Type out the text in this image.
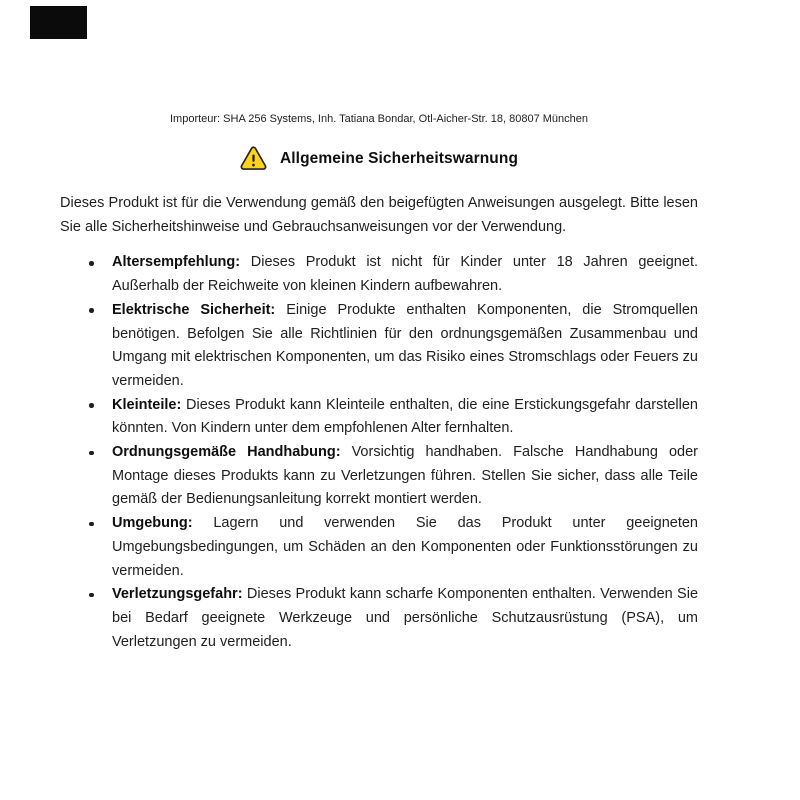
Importeur: SHA 256 Systems, Inh. Tatiana Bondar, Otl-Aicher-Str. 18, 80807 München
Allgemeine Sicherheitswarnung

Dieses Produkt ist für die Verwendung gemäß den beigefügten Anweisungen ausgelegt. Bitte lesen Sie alle Sicherheitshinweise und Gebrauchsanweisungen vor der Verwendung.

Altersempfehlung: Dieses Produkt ist nicht für Kinder unter 18 Jahren geeignet. Außerhalb der Reichweite von kleinen Kindern aufbewahren.
Elektrische Sicherheit: Einige Produkte enthalten Komponenten, die Stromquellen benötigen. Befolgen Sie alle Richtlinien für den ordnungsgemäßen Zusammenbau und Umgang mit elektrischen Komponenten, um das Risiko eines Stromschlags oder Feuers zu vermeiden.
Kleinteile: Dieses Produkt kann Kleinteile enthalten, die eine Erstickungsgefahr darstellen könnten. Von Kindern unter dem empfohlenen Alter fernhalten.
Ordnungsgemäße Handhabung: Vorsichtig handhaben. Falsche Handhabung oder Montage dieses Produkts kann zu Verletzungen führen. Stellen Sie sicher, dass alle Teile gemäß der Bedienungsanleitung korrekt montiert werden.
Umgebung: Lagern und verwenden Sie das Produkt unter geeigneten Umgebungsbedingungen, um Schäden an den Komponenten oder Funktionsstörungen zu vermeiden.
Verletzungsgefahr: Dieses Produkt kann scharfe Komponenten enthalten. Verwenden Sie bei Bedarf geeignete Werkzeuge und persönliche Schutzausrüstung (PSA), um Verletzungen zu vermeiden.
